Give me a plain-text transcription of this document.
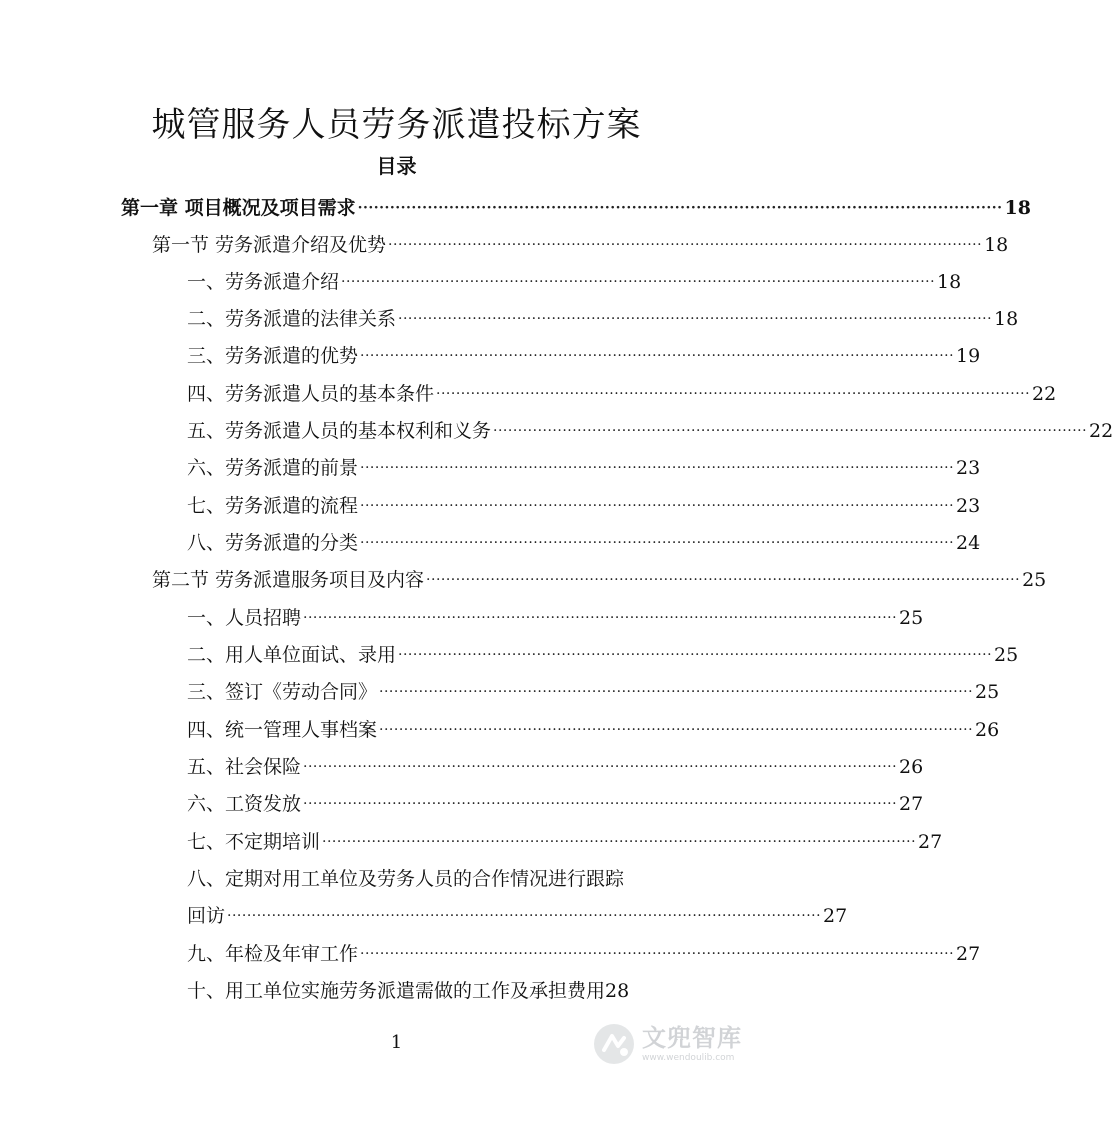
城管服务人员劳务派遣投标方案
目录
第一章 项目概况及项目需求 ························································································································ 18
第一节 劳务派遣介绍及优势 ························································································································ 18
一、劳务派遣介绍 ························································································································ 18
二、劳务派遣的法律关系 ························································································································ 18
三、劳务派遣的优势 ························································································································ 19
四、劳务派遣人员的基本条件 ························································································································ 22
五、劳务派遣人员的基本权利和义务 ························································································································ 22
六、劳务派遣的前景 ························································································································ 23
七、劳务派遣的流程 ························································································································ 23
八、劳务派遣的分类 ························································································································ 24
第二节 劳务派遣服务项目及内容 ························································································································ 25
一、人员招聘 ························································································································ 25
二、用人单位面试、录用 ························································································································ 25
三、签订《劳动合同》 ························································································································ 25
四、统一管理人事档案 ························································································································ 26
五、社会保险 ························································································································ 26
六、工资发放 ························································································································ 27
七、不定期培训 ························································································································ 27
八、定期对用工单位及劳务人员的合作情况进行跟踪
回访 ························································································································ 27
九、年检及年审工作 ························································································································ 27
十、用工单位实施劳务派遣需做的工作及承担费用 28
1	文兜智库
www.wendoulib.com
